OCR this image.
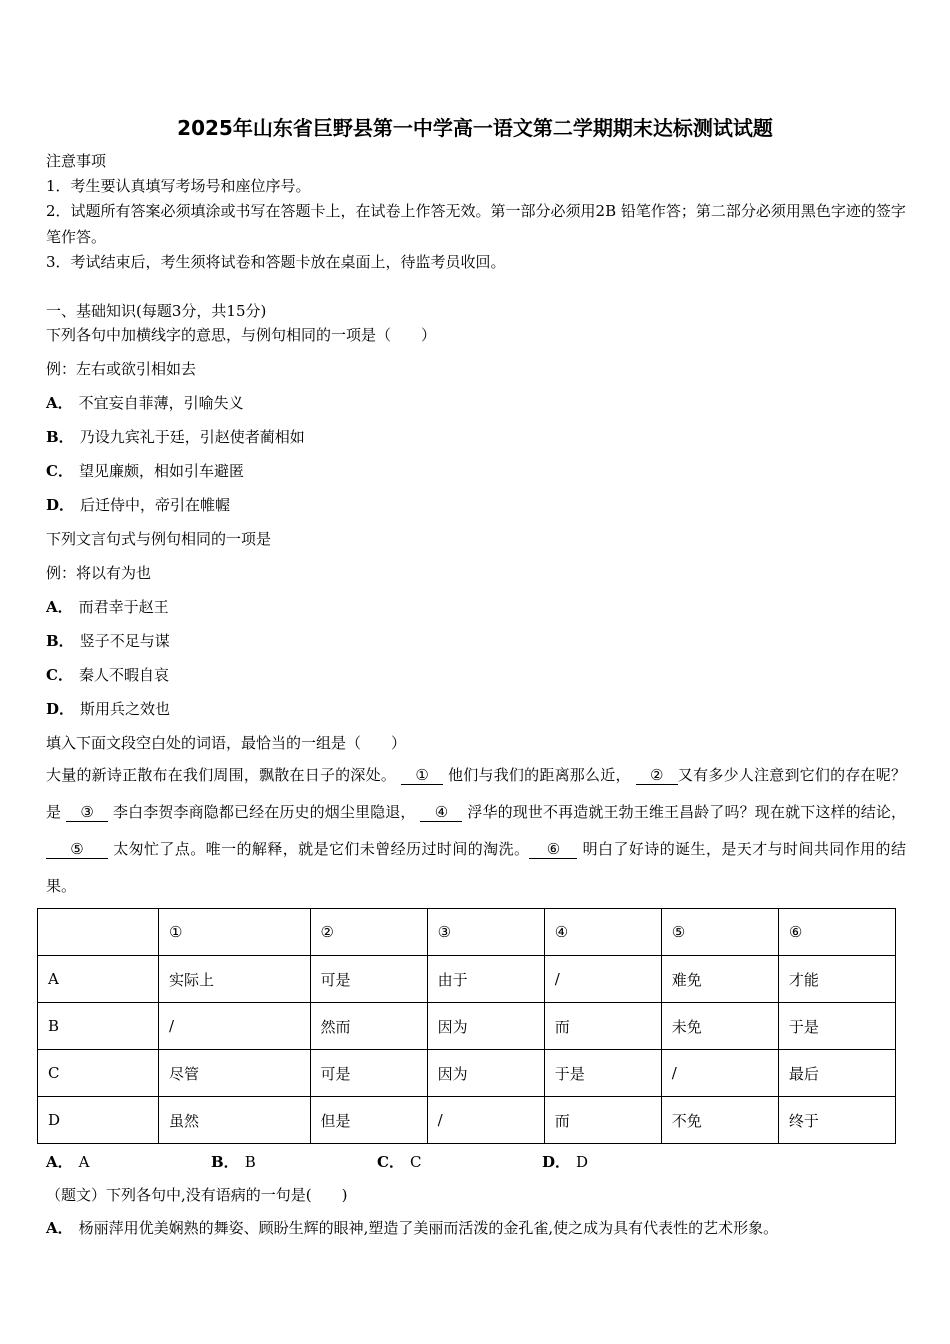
2025年山东省巨野县第一中学高一语文第二学期期末达标测试试题
注意事项
1．考生要认真填写考场号和座位序号。
2．试题所有答案必须填涂或书写在答题卡上，在试卷上作答无效。第一部分必须用2B 铅笔作答；第二部分必须用黑色字迹的签字笔作答。
3．考试结束后，考生须将试卷和答题卡放在桌面上，待监考员收回。
一、基础知识(每题3分，共15分)
下列各句中加横线字的意思，与例句相同的一项是（　　）
例：左右或欲引相如去
A． 不宜妄自菲薄，引喻失义
B． 乃设九宾礼于廷，引赵使者蔺相如
C． 望见廉颇，相如引车避匿
D． 后迁侍中，帝引在帷幄
下列文言句式与例句相同的一项是
例：将以有为也
A． 而君幸于赵王
B． 竖子不足与谋
C． 秦人不暇自哀
D． 斯用兵之效也
填入下面文段空白处的词语，最恰当的一组是（　　）
大量的新诗正散布在我们周围，飘散在日子的深处。 ① 他们与我们的距离那么近， ② 又有多少人注意到它们的存在呢？是 ③ 李白李贺李商隐都已经在历史的烟尘里隐退， ④ 浮华的现世不再造就王勃王维王昌龄了吗？现在就下这样的结论， ⑤ 太匆忙了点。唯一的解释，就是它们未曾经历过时间的淘洗。 ⑥ 明白了好诗的诞生，是天才与时间共同作用的结果。
	①	②	③	④	⑤	⑥
A	实际上	可是	由于	/	难免	才能
B	/	然而	因为	而	未免	于是
C	尽管	可是	因为	于是	/	最后
D	虽然	但是	/	而	不免	终于
A． A	B． B	C． C	D． D
（题文）下列各句中,没有语病的一句是(　　)
A． 杨丽萍用优美娴熟的舞姿、顾盼生辉的眼神,塑造了美丽而活泼的金孔雀,使之成为具有代表性的艺术形象。
